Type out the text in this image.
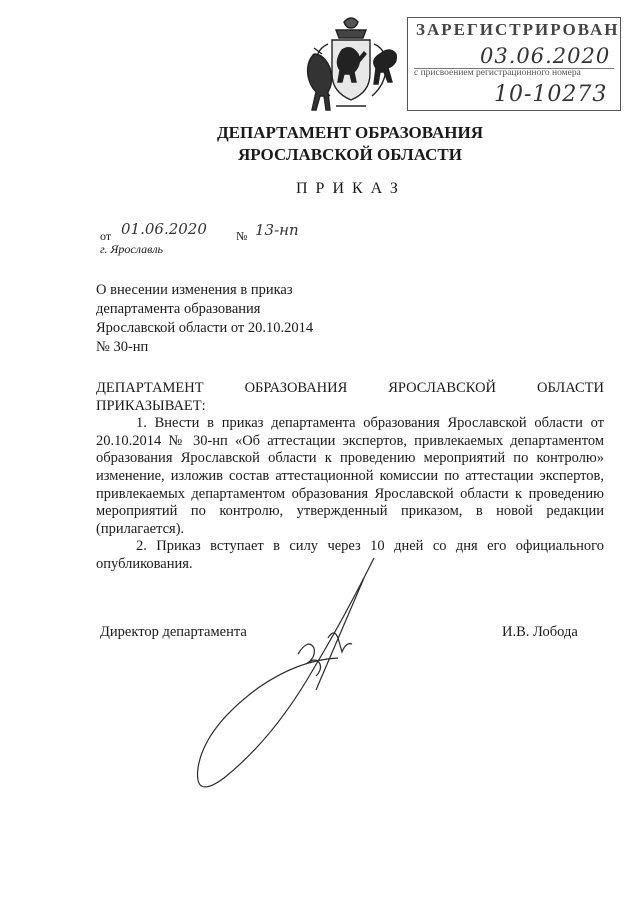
ЗАРЕГИСТРИРОВАН
03.06.2020
с присвоением регистрационного номера
10-10273
ДЕПАРТАМЕНТ ОБРАЗОВАНИЯ
ЯРОСЛАВСКОЙ ОБЛАСТИ
ПРИКАЗ
от 01.06.2020 № 13-нп
г. Ярославль
О внесении изменения в приказ
департамента образования
Ярославской области от 20.10.2014
№ 30-нп

ДЕПАРТАМЕНТ ОБРАЗОВАНИЯ ЯРОСЛАВСКОЙ ОБЛАСТИ

ПРИКАЗЫВАЕТ:

1. Внести в приказ департамента образования Ярославской области от 20.10.2014 № 30-нп «Об аттестации экспертов, привлекаемых департаментом образования Ярославской области к проведению мероприятий по контролю» изменение, изложив состав аттестационной комиссии по аттестации экспертов, привлекаемых департаментом образования Ярославской области к проведению мероприятий по контролю, утвержденный приказом, в новой редакции (прилагается).

2. Приказ вступает в силу через 10 дней со дня его официального опубликования.

Директор департамента	И.В. Лобода
